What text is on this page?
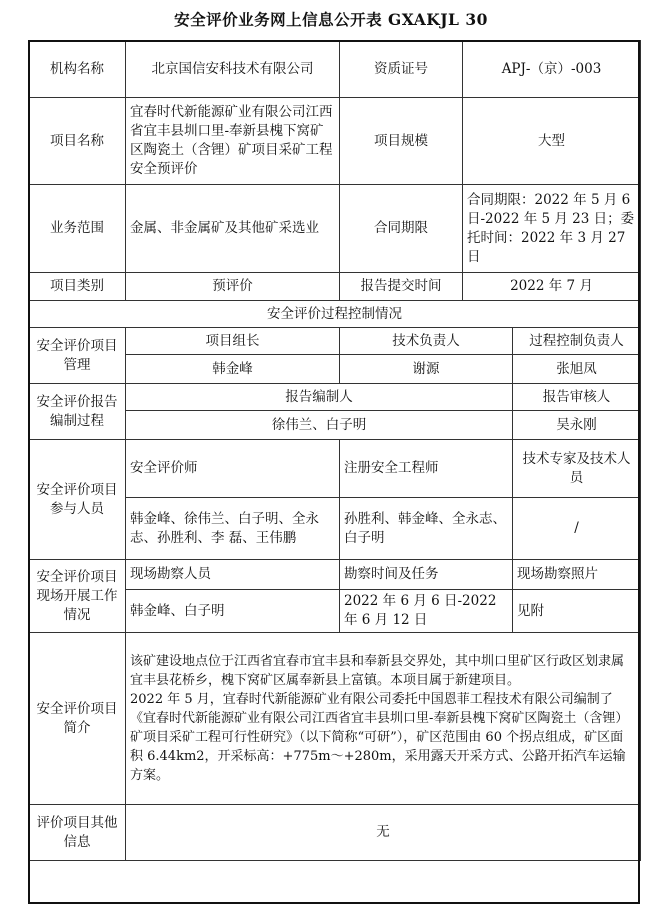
安全评价业务网上信息公开表 GXAKJL 30
机构名称	北京国信安科技术有限公司	资质证号	APJ-（京）-003	
项目名称	宜春时代新能源矿业有限公司江西省宜丰县圳口里-奉新县槐下窝矿区陶瓷土（含锂）矿项目采矿工程安全预评价	项目规模	大型	
业务范围	金属、非金属矿及其他矿采选业	合同期限	合同期限：2022 年 5 月 6 日-2022 年 5 月 23 日；委托时间：2022 年 3 月 27 日	
项目类别	预评价	报告提交时间	2022 年 7 月	
安全评价过程控制情况				
安全评价项目管理	项目组长	技术负责人		过程控制负责人
	韩金峰	谢源		张旭凤
安全评价报告编制过程	报告编制人			报告审核人
	徐伟兰、白子明			吴永刚
安全评价项目参与人员	安全评价师	注册安全工程师		技术专家及技术人员
	韩金峰、徐伟兰、白子明、全永志、孙胜利、李 磊、王伟鹏	孙胜利、韩金峰、全永志、白子明		/
安全评价项目现场开展工作情况	现场勘察人员	勘察时间及任务		现场勘察照片
	韩金峰、白子明	2022 年 6 月 6 日-2022 年 6 月 12 日		见附
安全评价项目简介	该矿建设地点位于江西省宜春市宜丰县和奉新县交界处，其中圳口里矿区行政区划隶属宜丰县花桥乡，槐下窝矿区属奉新县上富镇。本项目属于新建项目。
2022 年 5 月，宜春时代新能源矿业有限公司委托中国恩菲工程技术有限公司编制了《宜春时代新能源矿业有限公司江西省宜丰县圳口里-奉新县槐下窝矿区陶瓷土（含锂）矿项目采矿工程可行性研究》（以下简称“可研”），矿区范围由 60 个拐点组成，矿区面积 6.44km2，开采标高：+775m～+280m，采用露天开采方式、公路开拓汽车运输方案。			

评价项目其他信息	无			
